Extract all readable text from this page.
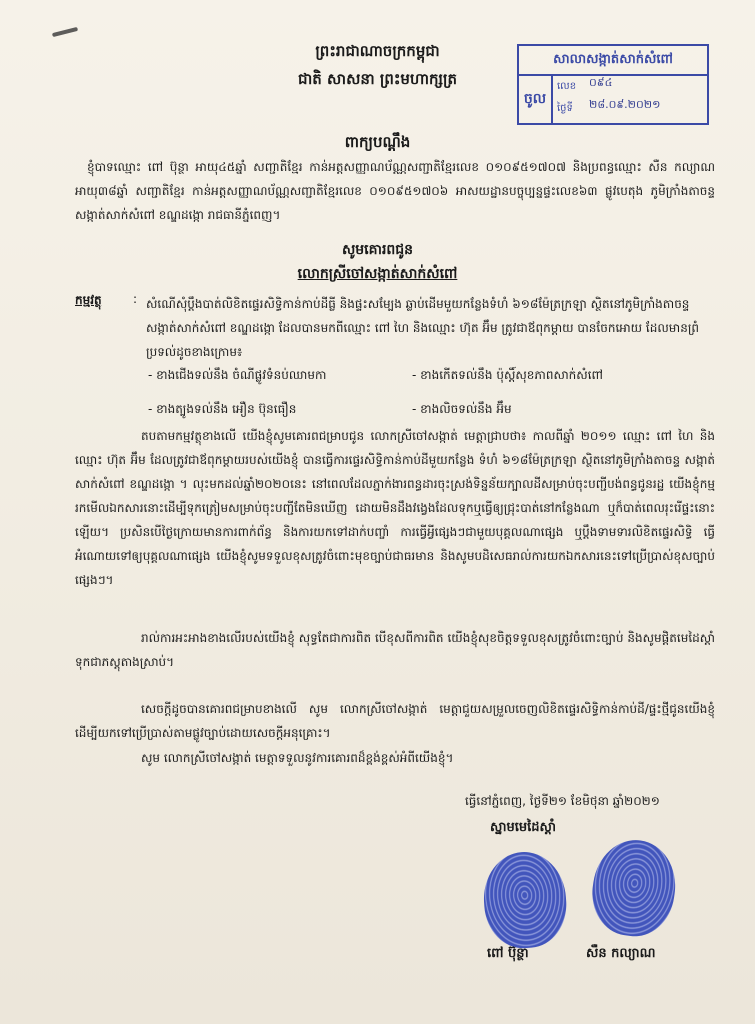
ព្រះរាជាណាចក្រកម្ពុជា
ជាតិ សាសនា ព្រះមហាក្សត្រ
សាលាសង្កាត់សាក់សំពៅ
ចូល
លេខ ០៩៤
ថ្ងៃទី ២៨.០៩.២០២១
ពាក្យបណ្តឹង
ខ្ញុំបាទឈ្មោះ ពៅ ប៊ុន្ថា អាយុ៤៥ឆ្នាំ សញ្ជាតិខ្មែរ កាន់អត្តសញ្ញាណប័ណ្ណសញ្ជាតិខ្មែរលេខ ០១០៩៥១៧០៧ និងប្រពន្ធឈ្មោះ សឺន កល្យាណ អាយុ៣៨ឆ្នាំ សញ្ជាតិខ្មែរ កាន់អត្តសញ្ញាណប័ណ្ណសញ្ជាតិខ្មែរលេខ ០១០៩៥១៧០៦ អាសយដ្ឋានបច្ចុប្បន្នផ្ទះលេខ៦៣ ផ្លូវបេតុង ភូមិក្រាំងតាចន្ទ សង្កាត់សាក់សំពៅ ខណ្ឌដង្កោ រាជធានីភ្នំពេញ។
សូមគោរពជូន
លោកស្រីចៅសង្កាត់សាក់សំពៅ
កម្មវត្ថុ	: សំណើសុំប្តឹងបាត់លិខិតផ្ទេរសិទ្ធិកាន់កាប់ដីធ្លី និងផ្ទះសម្បែង ឆ្លាប់ដើមមួយកន្លែងទំហំ ៦១៨ម៉ែត្រក្រឡា ស្ថិតនៅភូមិក្រាំងតាចន្ទ សង្កាត់សាក់សំពៅ ខណ្ឌដង្កោ ដែលបានមកពីឈ្មោះ ពៅ ហៃ និងឈ្មោះ ហ៊ុត អ៊ឹម ត្រូវជាឪពុកម្តាយ បានចែកអោយ ដែលមានព្រំប្រទល់ដូចខាងក្រោម៖
- ខាងជើងទល់នឹង ចំណីផ្លូវទំនប់ឈាមកា	- ខាងកើតទល់នឹង ប៉ុស្តិ៍សុខភាពសាក់សំពៅ
- ខាងត្បូងទល់នឹង អឿន ប៊ុនធឿន	- ខាងលិចទល់នឹង អ៊ឹម
តបតាមកម្មវត្ថុខាងលើ យើងខ្ញុំសូមគោរពជម្រាបជូន លោកស្រីចៅសង្កាត់ មេត្តាជ្រាបថា៖ កាលពីឆ្នាំ ២០១១ ឈ្មោះ ពៅ ហៃ និងឈ្មោះ ហ៊ុត អ៊ឹម ដែលត្រូវជាឪពុកម្តាយរបស់យើងខ្ញុំ បានធ្វើការផ្ទេរសិទ្ធិកាន់កាប់ដីមួយកន្លែង ទំហំ ៦១៨ម៉ែត្រក្រឡា ស្ថិតនៅភូមិក្រាំងតាចន្ទ សង្កាត់សាក់សំពៅ ខណ្ឌដង្កោ ។ លុះមកដល់ឆ្នាំ២០២០នេះ នៅពេលដែលភ្នាក់ងារពន្ធដារចុះស្រង់ទិន្នន័យក្បាលដីសម្រាប់ចុះបញ្ជីបង់ពន្ធជូនរដ្ឋ យើងខ្ញុំកម្មរកមើលឯកសារនោះដើម្បីទុកត្រៀមសម្រាប់ចុះបញ្ជីតែមិនឃើញ ដោយមិនដឹងវង្វេងដែលទុកឬធ្វើឲ្យជ្រុះបាត់នៅកន្លែងណា ឬក៏បាត់ពេលរុះរើផ្ទះនោះឡើយ។ ប្រសិនបើថ្ងៃក្រោយមានការពាក់ព័ន្ធ និងការយកទៅដាក់បញ្ចាំ ការធ្វើអ្វីផ្សេងៗជាមួយបុគ្គលណាផ្សេង ឬប្តឹងទាមទារលិខិតផ្ទេរសិទ្ធិ ធ្វើអំណោយទៅឲ្យបុគ្គលណាផ្សេង យើងខ្ញុំសូមទទួលខុសត្រូវចំពោះមុខច្បាប់ជាធរមាន និងសូមបដិសេធរាល់ការយកឯកសារនេះទៅប្រើប្រាស់ខុសច្បាប់ផ្សេងៗ។
រាល់ការអះអាងខាងលើរបស់យើងខ្ញុំ សុទ្ធតែជាការពិត បើខុសពីការពិត យើងខ្ញុំសុខចិត្តទទួលខុសត្រូវចំពោះច្បាប់ និងសូមផ្តិតមេដៃស្តាំទុកជាភស្តុតាងស្រាប់។
សេចក្តីដូចបានគោរពជម្រាបខាងលើ សូម លោកស្រីចៅសង្កាត់ មេត្តាជួយសម្រួលចេញលិខិតផ្ទេរសិទ្ធិកាន់កាប់ដី/ផ្ទះថ្មីជូនយើងខ្ញុំ ដើម្បីយកទៅប្រើប្រាស់តាមផ្លូវច្បាប់ដោយសេចក្តីអនុគ្រោះ។
សូម លោកស្រីចៅសង្កាត់ មេត្តាទទួលនូវការគោរពដ៏ខ្ពង់ខ្ពស់អំពីយើងខ្ញុំ។
ធ្វើនៅភ្នំពេញ, ថ្ងៃទី២១ ខែមិថុនា ឆ្នាំ២០២១
ស្នាមមេដៃស្តាំ
ពៅ ប៊ុន្ថា	សឺន កល្យាណ
